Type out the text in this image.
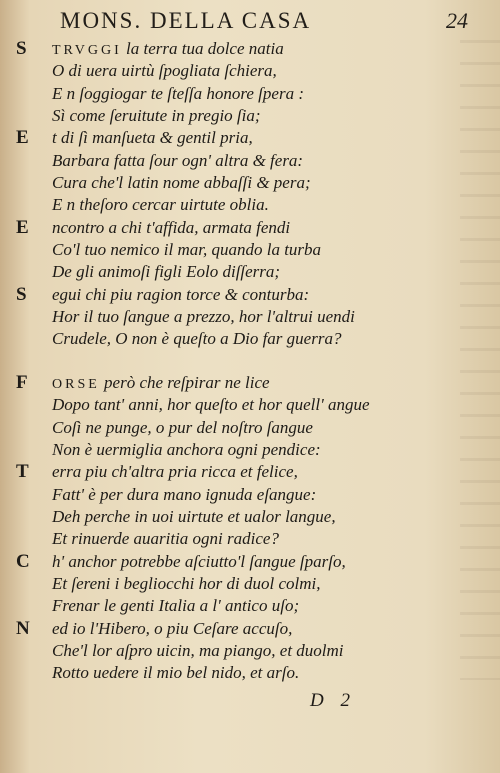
MONS. DELLA CASA	24
S TRVGGI la terra tua dolce natia
O di uera uirtù ſpogliata ſchiera,
E n ſoggiogar te ſteſſa honore ſpera :
Sì come ſeruitute in pregio ſia;
E t di ſì manſueta & gentil pria,
Barbara fatta ſour ogn' altra & fera:
Cura che'l latin nome abbaſſi & pera;
E n theſoro cercar uirtute oblia.
E ncontro a chi t'affida, armata fendi
Co'l tuo nemico il mar, quando la turba
De gli animoſi figli Eolo diſſerra;
S egui chi piu ragion torce & conturba:
Hor il tuo ſangue a prezzo, hor l'altrui uendi
Crudele, O non è queſto a Dio far guerra?
F ORSE però che reſpirar ne lice
Dopo tant' anni, hor queſto et hor quell' angue
Coſì ne punge, o pur del noſtro ſangue
Non è uermiglia anchora ogni pendice:
T erra piu ch'altra pria ricca et felice,
Fatt' è per dura mano ignuda eſangue:
Deh perche in uoi uirtute et ualor langue,
Et rinuerde auaritia ogni radice?
C h' anchor potrebbe aſciutto'l ſangue ſparſo,
Et ſereni i begliocchi hor di duol colmi,
Frenar le genti Italia a l' antico uſo;
N ed io l'Hibero, o piu Ceſare accuſo,
Che'l lor aſpro uicin, ma piango, et duolmi
Rotto uedere il mio bel nido, et arſo.
D 2
